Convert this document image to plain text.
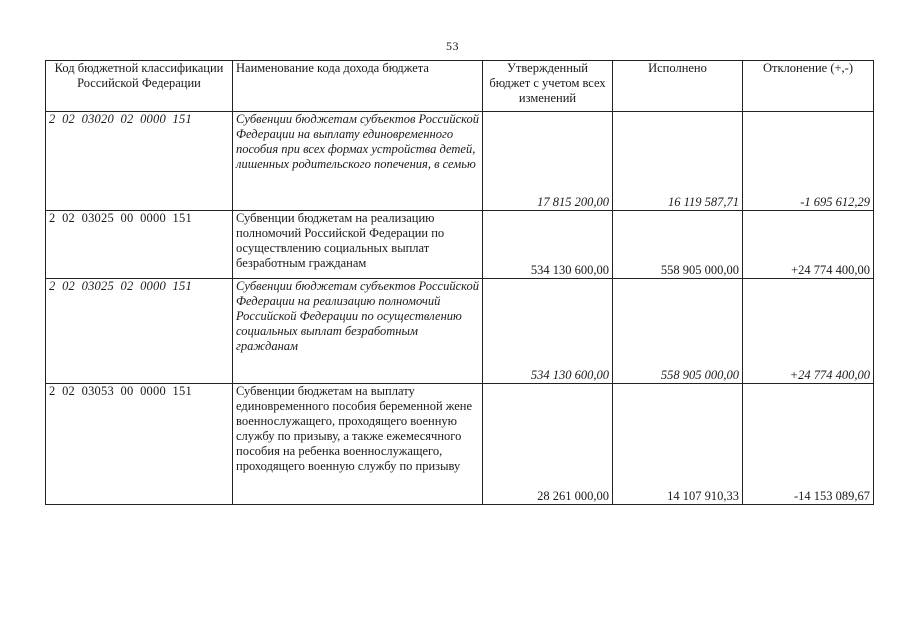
53
Код бюджетной классификации Российской Федерации	Наименование кода дохода бюджета	Утвержденный бюджет с учетом всех изменений	Исполнено	Отклонение (+,-)
2  02  03020  02  0000  151	Субвенции бюджетам субъектов Российской Федерации на выплату единовременного пособия при всех формах устройства детей, лишенных родительского попечения, в семью	17 815 200,00	16 119 587,71	-1 695 612,29
2  02  03025  00  0000  151	Субвенции бюджетам на реализацию полномочий Российской Федерации по осуществлению социальных выплат безработным гражданам	534 130 600,00	558 905 000,00	+24 774 400,00
2  02  03025  02  0000  151	Субвенции бюджетам субъектов Российской Федерации на реализацию полномочий Российской Федерации по осуществлению социальных выплат безработным гражданам	534 130 600,00	558 905 000,00	+24 774 400,00
2  02  03053  00  0000  151	Субвенции бюджетам на выплату единовременного пособия беременной жене военнослужащего, проходящего военную службу по призыву, а также ежемесячного пособия на ребенка военнослужащего, проходящего военную службу по призыву	28 261 000,00	14 107 910,33	-14 153 089,67
